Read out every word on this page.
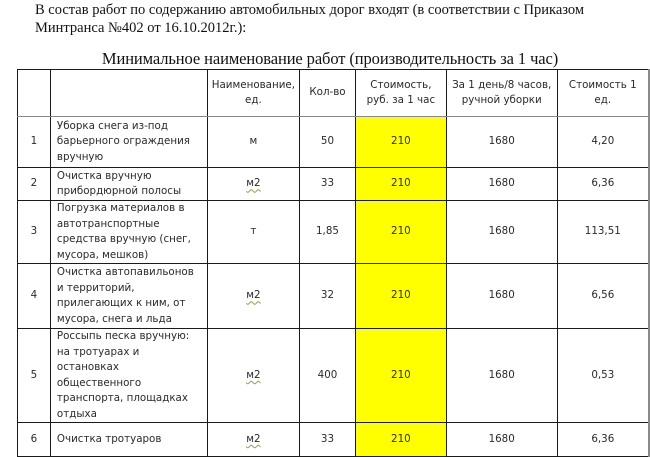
В состав работ по содержанию автомобильных дорог входят (в соответствии с Приказом Минтранса №402 от 16.10.2012г.):
Минимальное наименование работ (производительность за 1 час)
		Наименование, ед.	Кол-во	Стоимость, руб. за 1 час	За 1 день/8 часов, ручной уборки	Стоимость 1 ед.
1	Уборка снега из-под барьерного ограждения вручную	м	50	210	1680	4,20
2	Очистка вручную прибордюрной полосы	м2	33	210	1680	6,36
3	Погрузка материалов в автотранспортные средства вручную (снег, мусора, мешков)	т	1,85	210	1680	113,51
4	Очистка автопавильонов и территорий, прилегающих к ним, от мусора, снега и льда	м2	32	210	1680	6,56
5	Россыпь песка вручную: на тротуарах и остановках общественного транспорта, площадках отдыха	м2	400	210	1680	0,53
6	Очистка тротуаров	м2	33	210	1680	6,36
